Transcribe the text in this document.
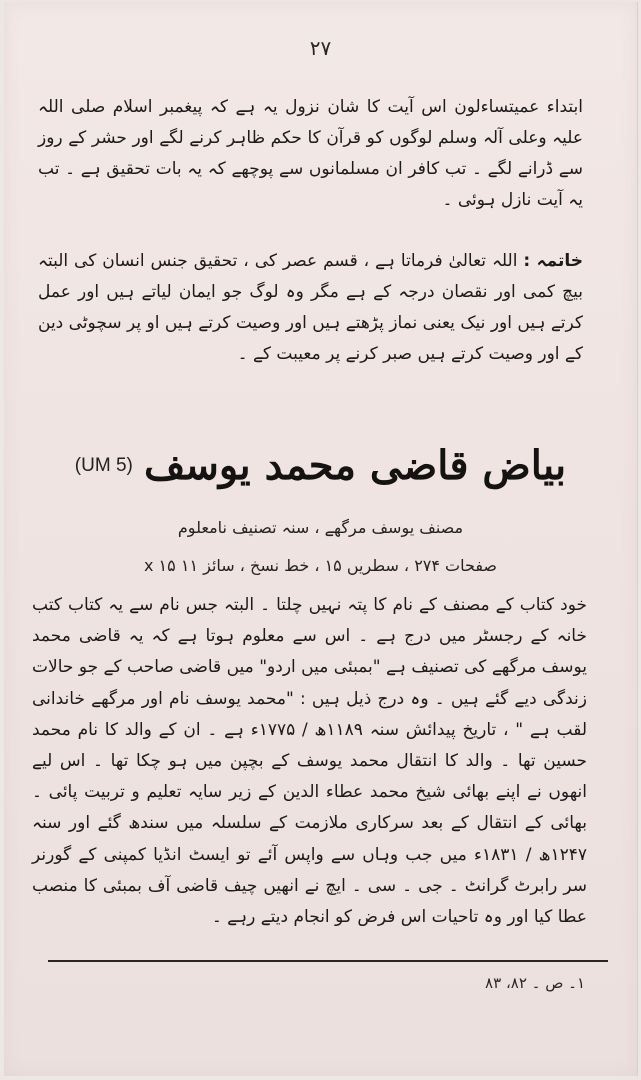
۲۷
ابتداء عمیتساءلون اس آیت کا شان نزول یہ ہے کہ پیغمبر اسلام صلی اللہ علیہ وعلی آلہ وسلم لوگوں کو قرآن کا حکم ظاہر کرنے لگے اور حشر کے روز سے ڈرانے لگے ۔ تب کافر ان مسلمانوں سے پوچھے کہ یہ بات تحقیق ہے ۔ تب یہ آیت نازل ہوئی ۔
خاتمہ : اللہ تعالیٰ فرماتا ہے ، قسم عصر کی ، تحقیق جنس انسان کی البتہ بیچ کمی اور نقصان درجہ کے ہے مگر وہ لوگ جو ایمان لیاتے ہیں اور عمل کرتے ہیں اور نیک یعنی نماز پڑھتے ہیں اور وصیت کرتے ہیں او پر سچوٹی دین کے اور وصیت کرتے ہیں صبر کرنے پر معیبت کے ۔
بیاض قاضی محمد یوسف (UM 5)
مصنف یوسف مرگھے ، سنہ تصنیف نامعلوم
صفحات ۲۷۴ ، سطریں ۱۵ ، خط نسخ ، سائز ۱۱ x ۱۵
خود کتاب کے مصنف کے نام کا پتہ نہیں چلتا ۔ البتہ جس نام سے یہ کتاب کتب خانہ کے رجسٹر میں درج ہے ۔ اس سے معلوم ہوتا ہے کہ یہ قاضی محمد یوسف مرگھے کی تصنیف ہے "بمبئی میں اردو" میں قاضی صاحب کے جو حالات زندگی دیے گئے ہیں ۔ وہ درج ذیل ہیں : "محمد یوسف نام اور مرگھے خاندانی لقب ہے " ، تاریخ پیدائش سنہ ۱۱۸۹ھ / ۱۷۷۵ء ہے ۔ ان کے والد کا نام محمد حسین تھا ۔ والد کا انتقال محمد یوسف کے بچپن میں ہو چکا تھا ۔ اس لیے انھوں نے اپنے بھائی شیخ محمد عطاء الدین کے زیر سایہ تعلیم و تربیت پائی ۔ بھائی کے انتقال کے بعد سرکاری ملازمت کے سلسلہ میں سندھ گئے اور سنہ ۱۲۴۷ھ / ۱۸۳۱ء میں جب وہاں سے واپس آئے تو ایسٹ انڈیا کمپنی کے گورنر سر رابرٹ گرانٹ ۔ جی ۔ سی ۔ ایچ نے انھیں چیف قاضی آف بمبئی کا منصب عطا کیا اور وہ تاحیات اس فرض کو انجام دیتے رہے ۔
۱۔ ص ۔ ۸۲، ۸۳
